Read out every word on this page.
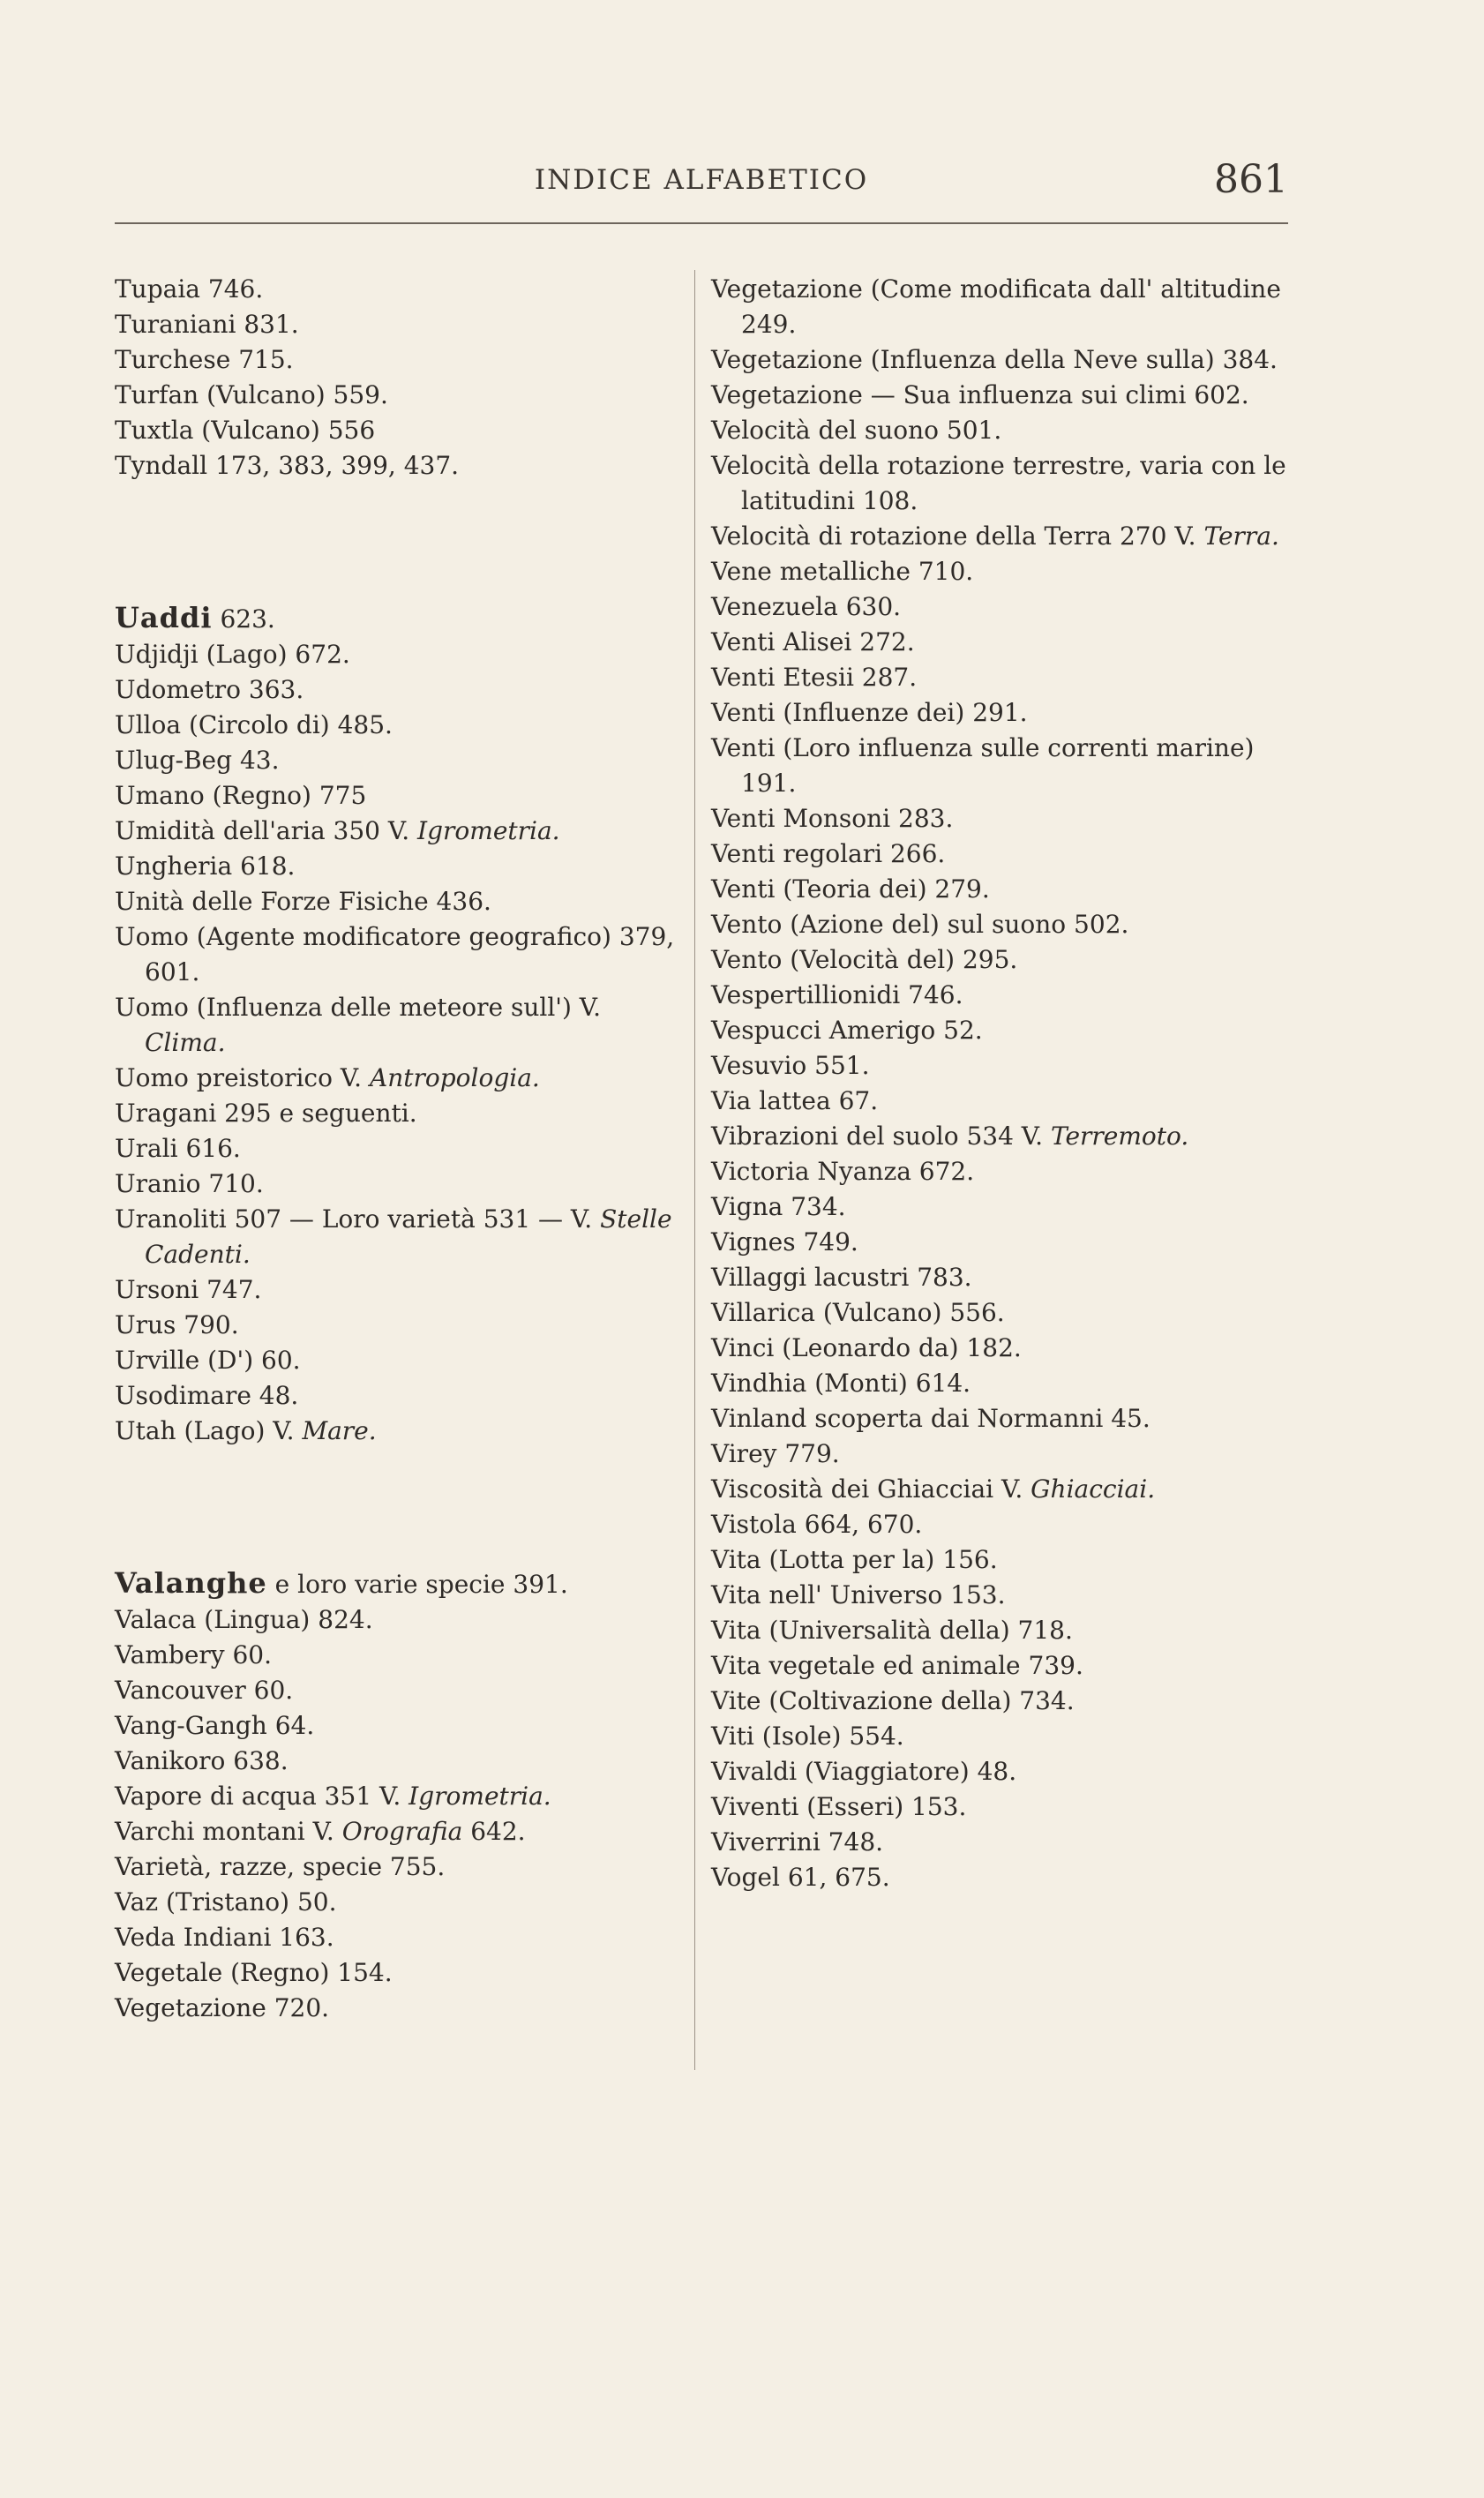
INDICE ALFABETICO	861
Tupaia 746.
Turaniani 831.
Turchese 715.
Turfan (Vulcano) 559.
Tuxtla (Vulcano) 556
Tyndall 173, 383, 399, 437.
Uaddi 623.
Udjidji (Lago) 672.
Udometro 363.
Ulloa (Circolo di) 485.
Ulug-Beg 43.
Umano (Regno) 775
Umidità dell'aria 350 V. Igrometria.
Ungheria 618.
Unità delle Forze Fisiche 436.
Uomo (Agente modificatore geografico) 379, 601.
Uomo (Influenza delle meteore sull') V. Clima.
Uomo preistorico V. Antropologia.
Uragani 295 e seguenti.
Urali 616.
Uranio 710.
Uranoliti 507 — Loro varietà 531 — V. Stelle Cadenti.
Ursoni 747.
Urus 790.
Urville (D') 60.
Usodimare 48.
Utah (Lago) V. Mare.
Valanghe e loro varie specie 391.
Valaca (Lingua) 824.
Vambery 60.
Vancouver 60.
Vang-Gangh 64.
Vanikoro 638.
Vapore di acqua 351 V. Igrometria.
Varchi montani V. Orografia 642.
Varietà, razze, specie 755.
Vaz (Tristano) 50.
Veda Indiani 163.
Vegetale (Regno) 154.
Vegetazione 720.
Vegetazione (Come modificata dall' altitudine 249.
Vegetazione (Influenza della Neve sulla) 384.
Vegetazione — Sua influenza sui climi 602.
Velocità del suono 501.
Velocità della rotazione terrestre, varia con le latitudini 108.
Velocità di rotazione della Terra 270 V. Terra.
Vene metalliche 710.
Venezuela 630.
Venti Alisei 272.
Venti Etesii 287.
Venti (Influenze dei) 291.
Venti (Loro influenza sulle correnti marine) 191.
Venti Monsoni 283.
Venti regolari 266.
Venti (Teoria dei) 279.
Vento (Azione del) sul suono 502.
Vento (Velocità del) 295.
Vespertillionidi 746.
Vespucci Amerigo 52.
Vesuvio 551.
Via lattea 67.
Vibrazioni del suolo 534 V. Terremoto.
Victoria Nyanza 672.
Vigna 734.
Vignes 749.
Villaggi lacustri 783.
Villarica (Vulcano) 556.
Vinci (Leonardo da) 182.
Vindhia (Monti) 614.
Vinland scoperta dai Normanni 45.
Virey 779.
Viscosità dei Ghiacciai V. Ghiacciai.
Vistola 664, 670.
Vita (Lotta per la) 156.
Vita nell' Universo 153.
Vita (Universalità della) 718.
Vita vegetale ed animale 739.
Vite (Coltivazione della) 734.
Viti (Isole) 554.
Vivaldi (Viaggiatore) 48.
Viventi (Esseri) 153.
Viverrini 748.
Vogel 61, 675.
